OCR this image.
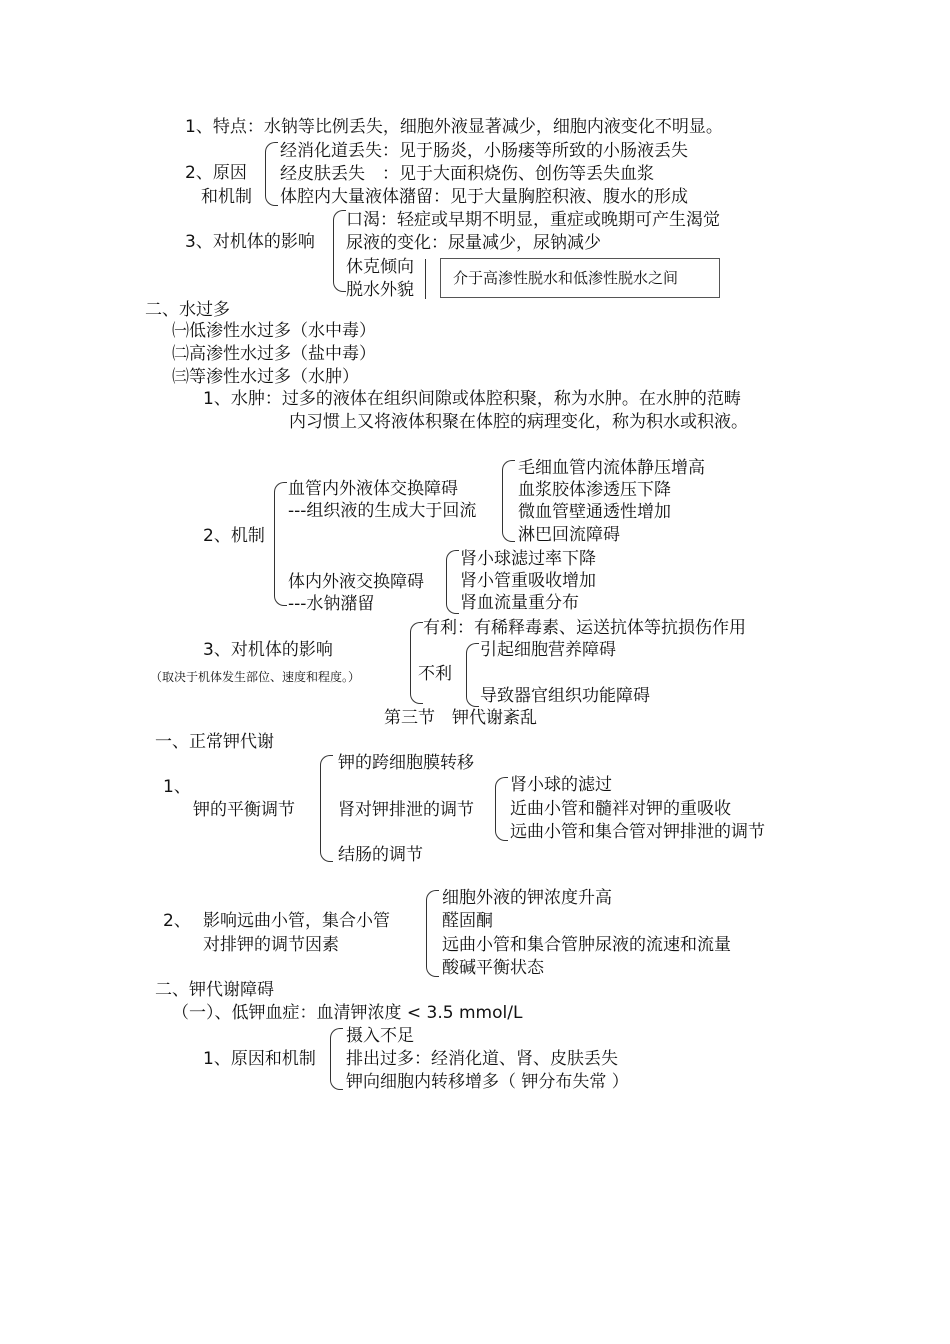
1、特点：水钠等比例丢失，细胞外液显著减少，细胞内液变化不明显。
2、原因
和机制
经消化道丢失：见于肠炎，小肠瘘等所致的小肠液丢失
经皮肤丢失　：见于大面积烧伤、创伤等丢失血浆
体腔内大量液体潴留：见于大量胸腔积液、腹水的形成
3、对机体的影响
口渴：轻症或早期不明显，重症或晚期可产生渴觉
尿液的变化：尿量减少，尿钠减少
休克倾向
脱水外貌
介于高渗性脱水和低渗性脱水之间
二、水过多
㈠低渗性水过多（水中毒）
㈡高渗性水过多（盐中毒）
㈢等渗性水过多（水肿）
1、水肿：过多的液体在组织间隙或体腔积聚，称为水肿。在水肿的范畴
内习惯上又将液体积聚在体腔的病理变化，称为积水或积液。
2、机制
血管内外液体交换障碍
---组织液的生成大于回流
毛细血管内流体静压增高
血浆胶体渗透压下降
微血管壁通透性增加
淋巴回流障碍
体内外液交换障碍
---水钠潴留
肾小球滤过率下降
肾小管重吸收增加
肾血流量重分布
3、对机体的影响
（取决于机体发生部位、速度和程度。）
有利：有稀释毒素、运送抗体等抗损伤作用
不利
引起细胞营养障碍
导致器官组织功能障碍
第三节　钾代谢紊乱
一、正常钾代谢
1、
钾的平衡调节
钾的跨细胞膜转移
肾对钾排泄的调节
肾小球的滤过
近曲小管和髓袢对钾的重吸收
远曲小管和集合管对钾排泄的调节
结肠的调节
2、 影响远曲小管，集合小管
对排钾的调节因素
细胞外液的钾浓度升高
醛固酮
远曲小管和集合管肿尿液的流速和流量
酸碱平衡状态
二、钾代谢障碍
（一）、低钾血症：血清钾浓度 < 3.5 mmol/L
1、原因和机制
摄入不足
排出过多：经消化道、肾、皮肤丢失
钾向细胞内转移增多（ 钾分布失常 ）
